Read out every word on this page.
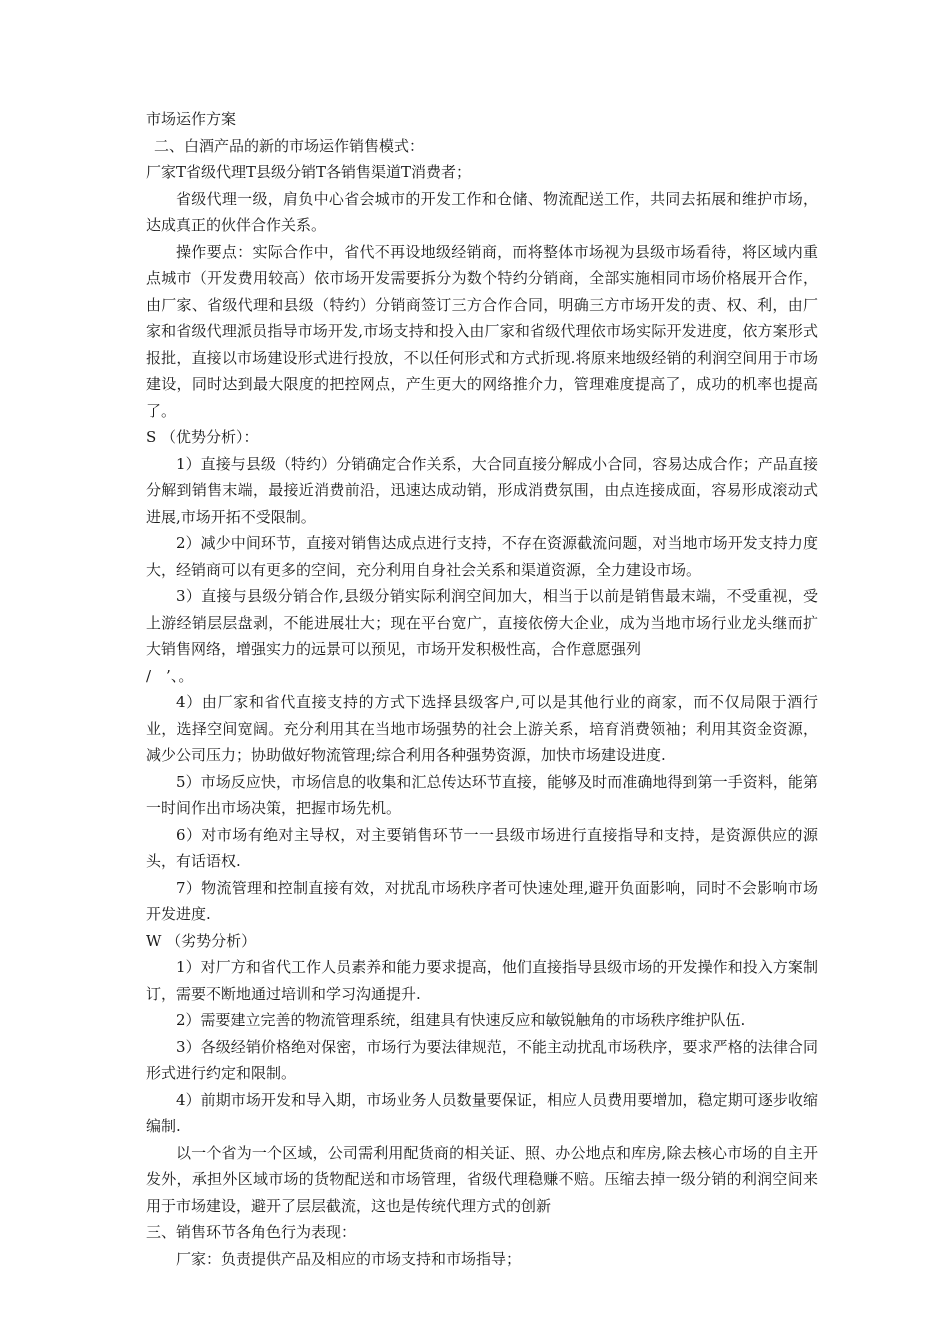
市场运作方案

二、白酒产品的新的市场运作销售模式：

厂家T省级代理T县级分销T各销售渠道T消费者；

省级代理一级，肩负中心省会城市的开发工作和仓储、物流配送工作，共同去拓展和维护市场，达成真正的伙伴合作关系。

操作要点：实际合作中，省代不再设地级经销商，而将整体市场视为县级市场看待，将区域内重点城市（开发费用较高）依市场开发需要拆分为数个特约分销商，全部实施相同市场价格展开合作，由厂家、省级代理和县级（特约）分销商签订三方合作合同，明确三方市场开发的责、权、利，由厂家和省级代理派员指导市场开发,市场支持和投入由厂家和省级代理依市场实际开发进度，依方案形式报批，直接以市场建设形式进行投放，不以任何形式和方式折现.将原来地级经销的利润空间用于市场建设，同时达到最大限度的把控网点，产生更大的网络推介力，管理难度提高了，成功的机率也提高了。

S （优势分析）：

1）直接与县级（特约）分销确定合作关系，大合同直接分解成小合同，容易达成合作；产品直接分解到销售末端，最接近消费前沿，迅速达成动销，形成消费氛围，由点连接成面，容易形成滚动式进展,市场开拓不受限制。

2）减少中间环节，直接对销售达成点进行支持，不存在资源截流问题，对当地市场开发支持力度大，经销商可以有更多的空间，充分利用自身社会关系和渠道资源，全力建设市场。

3）直接与县级分销合作,县级分销实际利润空间加大，相当于以前是销售最末端，不受重视，受上游经销层层盘剥，不能进展壮大；现在平台宽广，直接依傍大企业，成为当地市场行业龙头继而扩大销售网络，增强实力的远景可以预见，市场开发积极性高，合作意愿强列

/　’、。

4）由厂家和省代直接支持的方式下选择县级客户,可以是其他行业的商家，而不仅局限于酒行业，选择空间宽阔。充分利用其在当地市场强势的社会上游关系，培育消费领袖；利用其资金资源，减少公司压力；协助做好物流管理;综合利用各种强势资源，加快市场建设进度.

5）市场反应快，市场信息的收集和汇总传达环节直接，能够及时而准确地得到第一手资料，能第一时间作出市场决策，把握市场先机。

6）对市场有绝对主导权，对主要销售环节一一县级市场进行直接指导和支持，是资源供应的源头，有话语权.

7）物流管理和控制直接有效，对扰乱市场秩序者可快速处理,避开负面影响，同时不会影响市场开发进度.

W （劣势分析）

1）对厂方和省代工作人员素养和能力要求提高，他们直接指导县级市场的开发操作和投入方案制订，需要不断地通过培训和学习沟通提升.

2）需要建立完善的物流管理系统，组建具有快速反应和敏锐触角的市场秩序维护队伍.

3）各级经销价格绝对保密，市场行为要法律规范，不能主动扰乱市场秩序，要求严格的法律合同形式进行约定和限制。

4）前期市场开发和导入期，市场业务人员数量要保证，相应人员费用要增加，稳定期可逐步收缩编制.

以一个省为一个区域，公司需利用配货商的相关证、照、办公地点和库房,除去核心市场的自主开发外，承担外区域市场的货物配送和市场管理，省级代理稳赚不赔。压缩去掉一级分销的利润空间来用于市场建设，避开了层层截流，这也是传统代理方式的创新

三、销售环节各角色行为表现：

厂家：负责提供产品及相应的市场支持和市场指导；
